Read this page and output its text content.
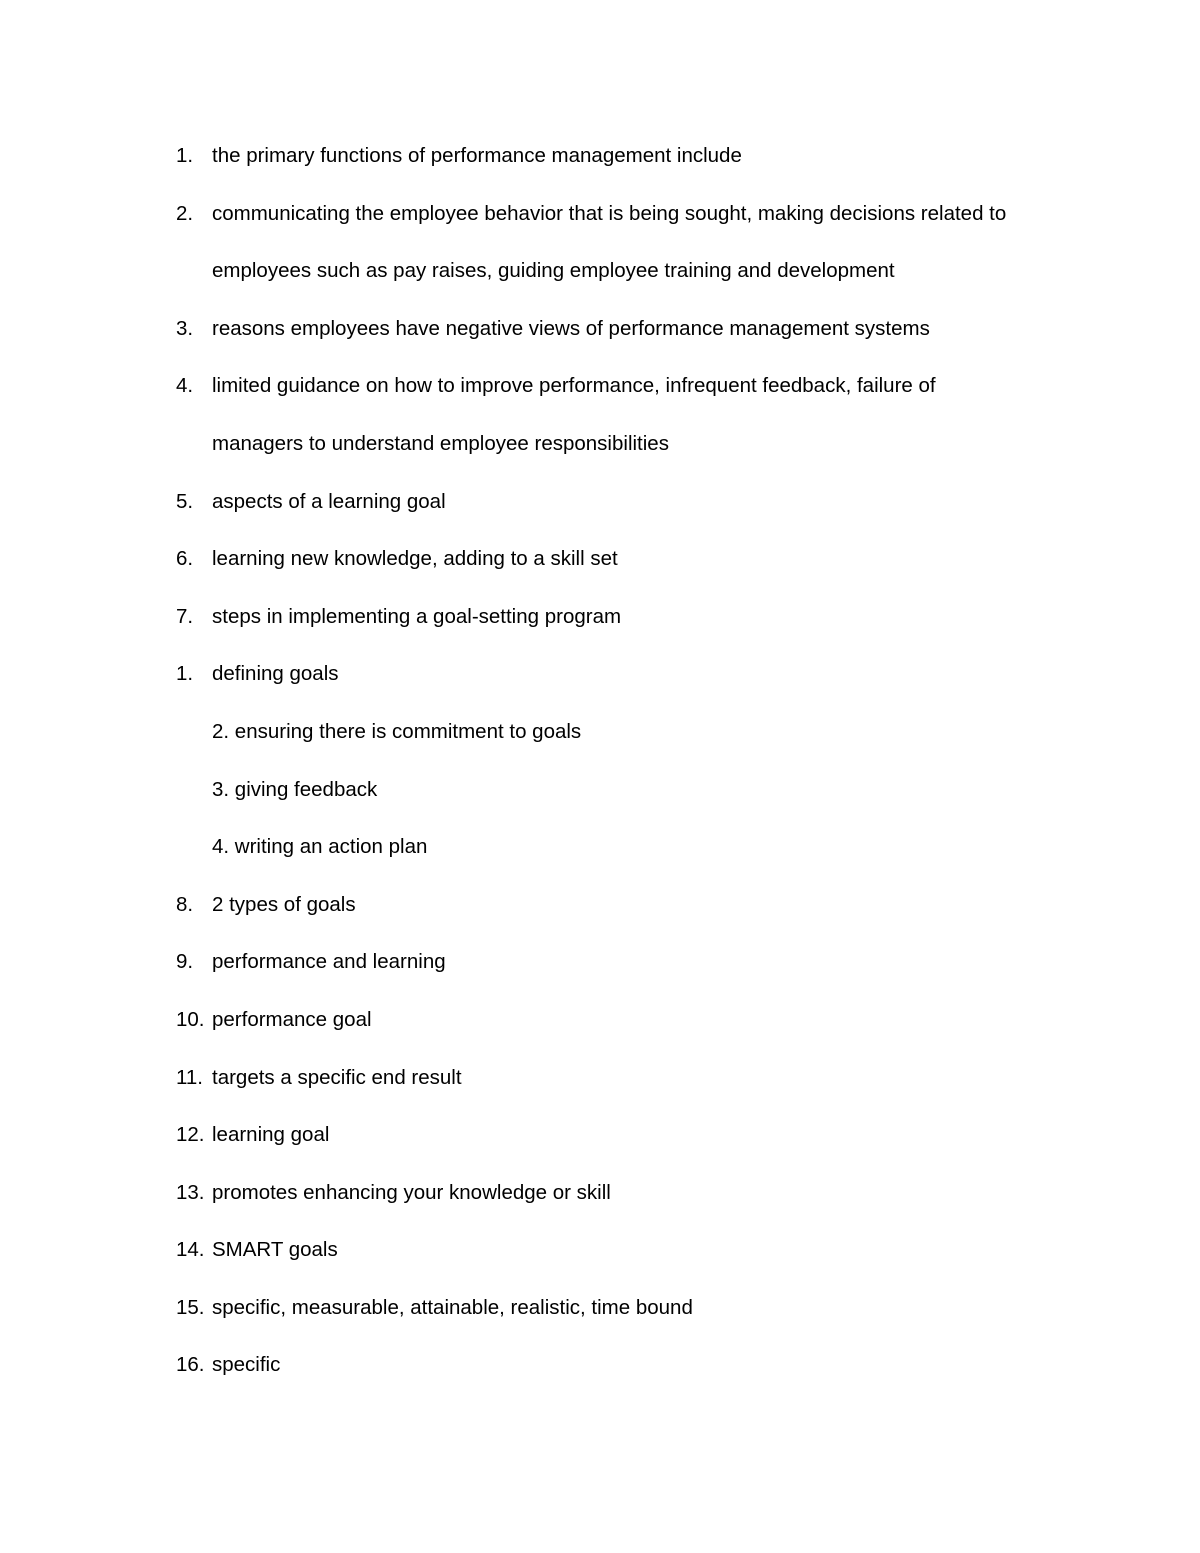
1. the primary functions of performance management include
2. communicating the employee behavior that is being sought, making decisions related to
employees such as pay raises, guiding employee training and development
3. reasons employees have negative views of performance management systems
4. limited guidance on how to improve performance, infrequent feedback, failure of
managers to understand employee responsibilities
5. aspects of a learning goal
6. learning new knowledge, adding to a skill set
7. steps in implementing a goal-setting program
1. defining goals
2. ensuring there is commitment to goals
3. giving feedback
4. writing an action plan
8. 2 types of goals
9. performance and learning
10. performance goal
11. targets a specific end result
12. learning goal
13. promotes enhancing your knowledge or skill
14. SMART goals
15. specific, measurable, attainable, realistic, time bound
16. specific
